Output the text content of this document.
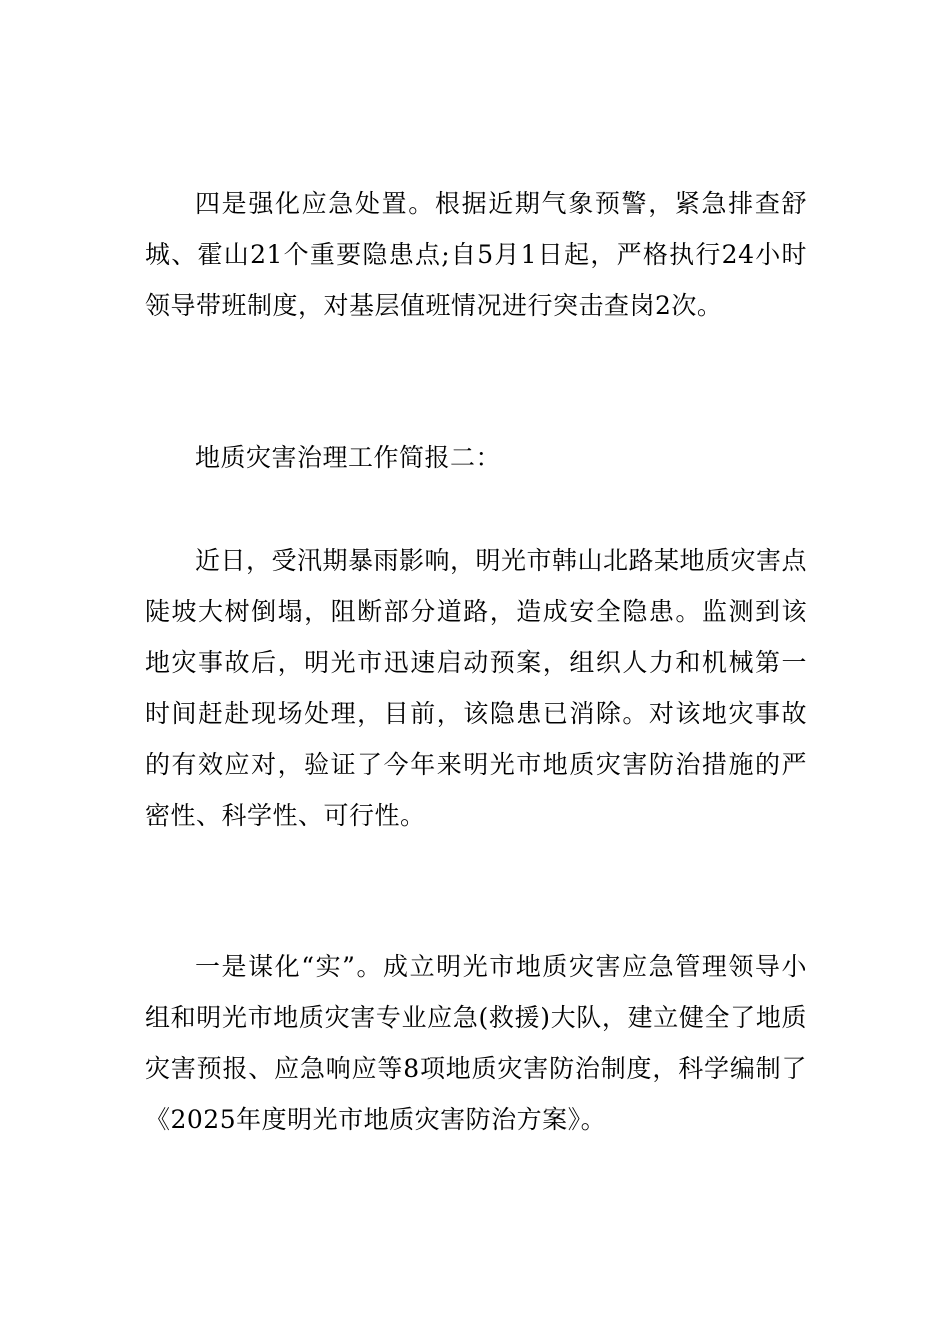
四是强化应急处置。根据近期气象预警，紧急排查舒城、霍山21个重要隐患点;自5月1日起，严格执行24小时领导带班制度，对基层值班情况进行突击查岗2次。

地质灾害治理工作简报二：

近日，受汛期暴雨影响，明光市韩山北路某地质灾害点陡坡大树倒塌，阻断部分道路，造成安全隐患。监测到该地灾事故后，明光市迅速启动预案，组织人力和机械第一时间赶赴现场处理，目前，该隐患已消除。对该地灾事故的有效应对，验证了今年来明光市地质灾害防治措施的严密性、科学性、可行性。

一是谋化“实”。成立明光市地质灾害应急管理领导小组和明光市地质灾害专业应急(救援)大队，建立健全了地质灾害预报、应急响应等8项地质灾害防治制度，科学编制了《2025年度明光市地质灾害防治方案》。
